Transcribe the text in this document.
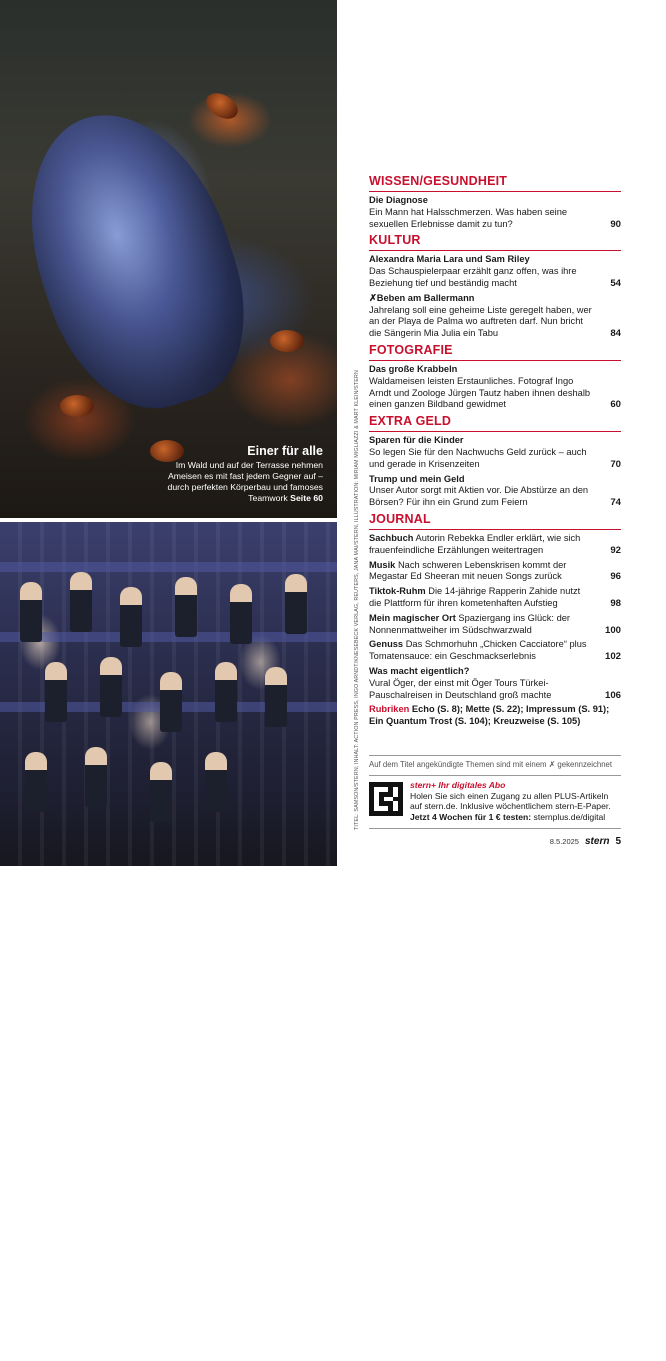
Einer für alle
Im Wald und auf der Terrasse nehmen Ameisen es mit fast jedem Gegner auf – durch perfekten Körperbau und famoses Teamwork Seite 60
Verbotsdebatte
152 Abgeordnete zählt die AfD-Fraktion im Bundestag. Friedrich Merz will sie wegregieren. Reicht das? Seite 24
TITEL: SAMSON/STERN; INHALT: ACTION PRESS, INGO ARNDT/KNESEBECK VERLAG, REUTERS, JANA MAI/STERN, ILLUSTRATION: MIRIAM MIGLIAZZI & MART KLEIN/STERN
WISSEN/GESUNDHEIT
Die Diagnose
Ein Mann hat Halsschmerzen. Was haben seine sexuellen Erlebnisse damit zu tun?	90
KULTUR
Alexandra Maria Lara und Sam Riley
Das Schauspielerpaar erzählt ganz offen, was ihre Beziehung tief und beständig macht	54
✗Beben am Ballermann
Jahrelang soll eine geheime Liste geregelt haben, wer an der Playa de Palma wo auftreten darf. Nun bricht die Sängerin Mia Julia ein Tabu	84
FOTOGRAFIE
Das große Krabbeln
Waldameisen leisten Erstaunliches. Fotograf Ingo Arndt und Zoologe Jürgen Tautz haben ihnen deshalb einen ganzen Bildband gewidmet	60
EXTRA GELD
Sparen für die Kinder
So legen Sie für den Nachwuchs Geld zurück – auch und gerade in Krisenzeiten	70
Trump und mein Geld
Unser Autor sorgt mit Aktien vor. Die Abstürze an den Börsen? Für ihn ein Grund zum Feiern	74
JOURNAL
Sachbuch Autorin Rebekka Endler erklärt, wie sich frauenfeindliche Erzählungen weitertragen	92
Musik Nach schweren Lebenskrisen kommt der Megastar Ed Sheeran mit neuen Songs zurück	96
Tiktok-Ruhm Die 14-jährige Rapperin Zahide nutzt die Plattform für ihren kometenhaften Aufstieg	98
Mein magischer Ort Spaziergang ins Glück: der Nonnenmattweiher im Südschwarzwald	100
Genuss Das Schmorhuhn „Chicken Cacciatore“ plus Tomatensauce: ein Geschmackserlebnis	102
Was macht eigentlich?
Vural Öger, der einst mit Öger Tours Türkei-Pauschalreisen in Deutschland groß machte	106
Rubriken Echo (S. 8); Mette (S. 22); Impressum (S. 91); Ein Quantum Trost (S. 104); Kreuzweise (S. 105)
Auf dem Titel angekündigte Themen sind mit einem ✗ gekennzeichnet
stern+ Ihr digitales Abo
Holen Sie sich einen Zugang zu allen PLUS-Artikeln auf stern.de. Inklusive wöchentlichem stern-E-Paper.
Jetzt 4 Wochen für 1 € testen: sternplus.de/digital
8.5.2025 stern 5
